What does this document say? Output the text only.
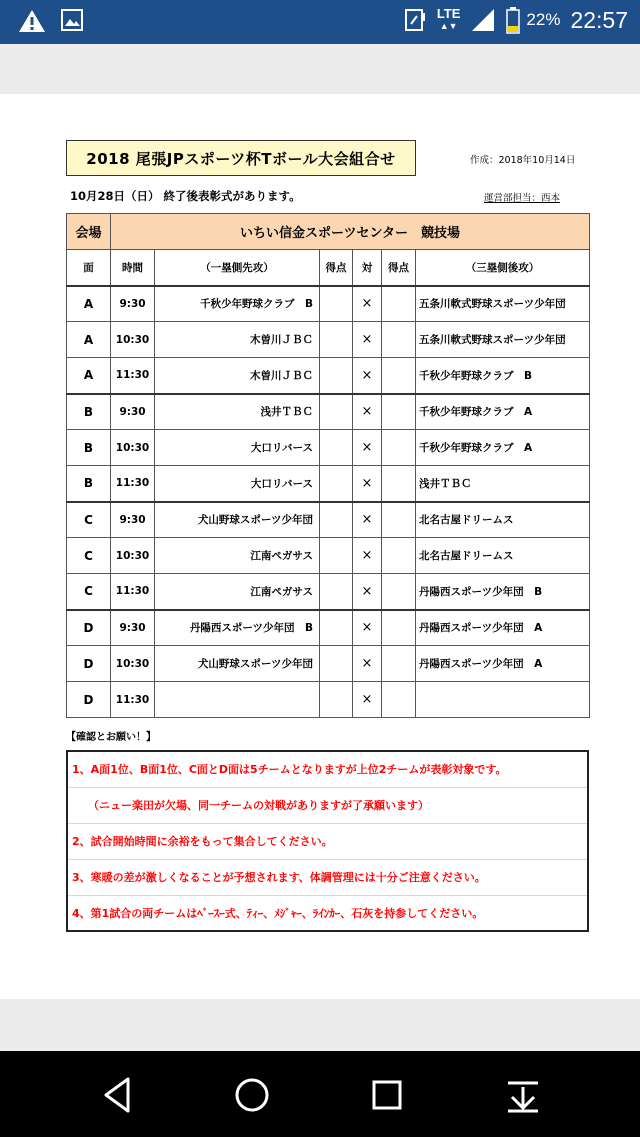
LTE
▲▼	22% 22:57
2018 尾張JPスポーツ杯Tボール大会組合せ	作成：2018年10月14日
10月28日（日） 終了後表彰式があります。	運営部担当：西本
会場	いちい信金スポーツセンター　競技場					
面	時間	（一塁側先攻）	得点	対	得点	（三塁側後攻）
A	9:30	千秋少年野球クラブ　B		×		五条川軟式野球スポーツ少年団
A	10:30	木曽川ＪＢＣ		×		五条川軟式野球スポーツ少年団
A	11:30	木曽川ＪＢＣ		×		千秋少年野球クラブ　B
B	9:30	浅井ＴＢＣ		×		千秋少年野球クラブ　A
B	10:30	大口リバース		×		千秋少年野球クラブ　A
B	11:30	大口リバース		×		浅井ＴＢＣ
C	9:30	犬山野球スポーツ少年団		×		北名古屋ドリームス
C	10:30	江南ペガサス		×		北名古屋ドリームス
C	11:30	江南ペガサス		×		丹陽西スポーツ少年団　B
D	9:30	丹陽西スポーツ少年団　B		×		丹陽西スポーツ少年団　A
D	10:30	犬山野球スポーツ少年団		×		丹陽西スポーツ少年団　A
D	11:30			×		
【確認とお願い！】
1、A面1位、B面1位、C面とD面は5チームとなりますが上位2チームが表彰対象です。
（ニュー楽田が欠場、同一チームの対戦がありますが了承願います）
2、試合開始時間に余裕をもって集合してください。
3、寒暖の差が激しくなることが予想されます、体調管理には十分ご注意ください。
4、第1試合の両チームはﾍﾞｰｽｰ式、ﾃｨｰ、ﾒｼﾞｬｰ、ﾗｲﾝｶｰ、石灰を持参してください。
